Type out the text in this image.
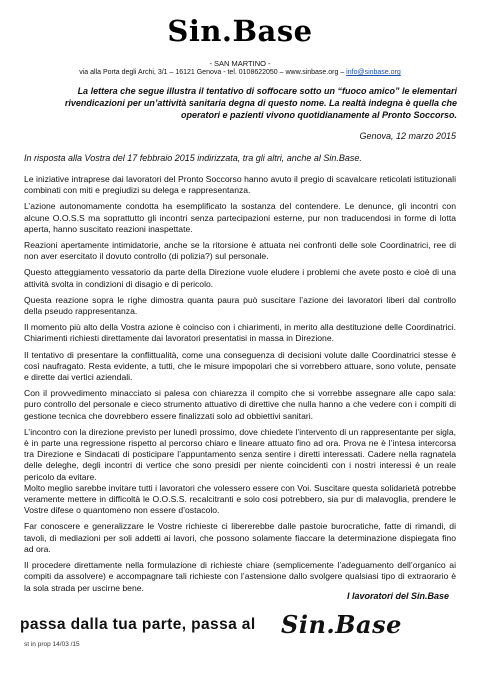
Sin.Base
- SAN MARTINO -
via alla Porta degli Archi, 3/1 – 16121 Genova - tel. 0108622050 – www.sinbase.org – info@sinbase.org
La lettera che segue illustra il tentativo di soffocare sotto un “fuoco amico” le elementari rivendicazioni per un’attività sanitaria degna di questo nome. La realtà indegna è quella che operatori e pazienti vivono quotidianamente al Pronto Soccorso.
Genova, 12 marzo 2015
In risposta alla Vostra del 17 febbraio 2015 indirizzata, tra gli altri, anche al Sin.Base.

Le iniziative intraprese dai lavoratori del Pronto Soccorso hanno avuto il pregio di scavalcare reticolati istituzionali combinati con miti e pregiudizi su delega e rappresentanza.

L’azione autonomamente condotta ha esemplificato la sostanza del contendere. Le denunce, gli incontri con alcune O.O.S.S ma soprattutto gli incontri senza partecipazioni esterne, pur non traducendosi in forme di lotta aperta, hanno suscitato reazioni inaspettate.

Reazioni apertamente intimidatorie, anche se la ritorsione è attuata nei confronti delle sole Coordinatrici, ree di non aver esercitato il dovuto controllo (di polizia?) sul personale.

Questo atteggiamento vessatorio da parte della Direzione vuole eludere i problemi che avete posto e cioè di una attività svolta in condizioni di disagio e di pericolo.

Questa reazione sopra le righe dimostra quanta paura può suscitare l’azione dei lavoratori liberi dal controllo della pseudo rappresentanza.

Il momento più alto della Vostra azione è coinciso con i chiarimenti, in merito alla destituzione delle Coordinatrici. Chiarimenti richiesti direttamente dai lavoratori presentatisi in massa in Direzione.

Il tentativo di presentare la conflittualità, come una conseguenza di decisioni volute dalle Coordinatrici stesse è così naufragato. Resta evidente, a tutti, che le misure impopolari che si vorrebbero attuare, sono volute, pensate e dirette dai vertici aziendali.

Con il provvedimento minacciato si palesa con chiarezza il compito che si vorrebbe assegnare alle capo sala: puro controllo del personale e cieco strumento attuativo di direttive che nulla hanno a che vedere con i compiti di gestione tecnica che dovrebbero essere finalizzati solo ad obbiettivi sanitari.

L’incontro con la direzione previsto per lunedì prossimo, dove chiedete l’intervento di un rappresentante per sigla, è in parte una regressione rispetto al percorso chiaro e lineare attuato fino ad ora. Prova ne è l’intesa intercorsa tra Direzione e Sindacati di posticipare l’appuntamento senza sentire i diretti interessati. Cadere nella ragnatela delle deleghe, degli incontri di vertice che sono presidi per niente coincidenti con i nostri interessi è un reale pericolo da evitare.

Molto meglio sarebbe invitare tutti i lavoratori che volessero essere con Voi. Suscitare questa solidarietà potrebbe veramente mettere in difficoltà le O.O.S.S. recalcitranti e solo cosi potrebbero, sia pur di malavoglia, prendere le Vostre difese o quantomeno non essere d’ostacolo.

Far conoscere e generalizzare le Vostre richieste ci libererebbe dalle pastoie burocratiche, fatte di rimandi, di tavoli, di mediazioni per soli addetti ai lavori, che possono solamente fiaccare la determinazione dispiegata fino ad ora.

Il procedere direttamente nella formulazione di richieste chiare (semplicemente l’adeguamento dell’organico ai compiti da assolvere) e accompagnare tali richieste con l’astensione dallo svolgere qualsiasi tipo di extraorario è la sola strada per uscirne bene.

I lavoratori del Sin.Base
passa dalla tua parte, passa al Sin.Base
st in prop 14/03 /15
